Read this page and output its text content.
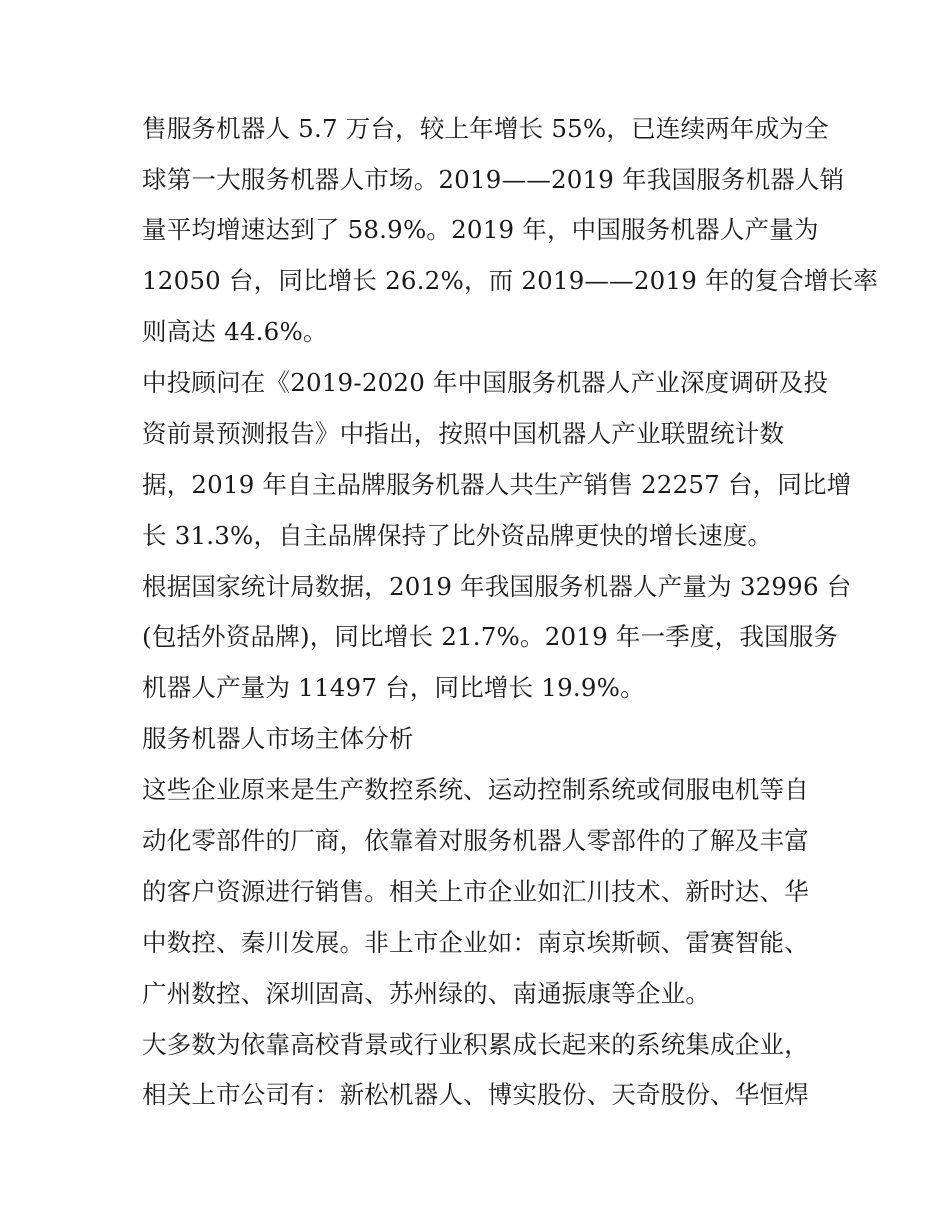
售服务机器人 5.7 万台，较上年增长 55%，已连续两年成为全
球第一大服务机器人市场。2019——2019 年我国服务机器人销
量平均增速达到了 58.9%。2019 年，中国服务机器人产量为
12050 台，同比增长 26.2%，而 2019——2019 年的复合增长率
则高达 44.6%。
中投顾问在《2019-2020 年中国服务机器人产业深度调研及投
资前景预测报告》中指出，按照中国机器人产业联盟统计数
据，2019 年自主品牌服务机器人共生产销售 22257 台，同比增
长 31.3%，自主品牌保持了比外资品牌更快的增长速度。
根据国家统计局数据，2019 年我国服务机器人产量为 32996 台
(包括外资品牌)，同比增长 21.7%。2019 年一季度，我国服务
机器人产量为 11497 台，同比增长 19.9%。
服务机器人市场主体分析
这些企业原来是生产数控系统、运动控制系统或伺服电机等自
动化零部件的厂商，依靠着对服务机器人零部件的了解及丰富
的客户资源进行销售。相关上市企业如汇川技术、新时达、华
中数控、秦川发展。非上市企业如：南京埃斯顿、雷赛智能、
广州数控、深圳固高、苏州绿的、南通振康等企业。
大多数为依靠高校背景或行业积累成长起来的系统集成企业，
相关上市公司有：新松机器人、博实股份、天奇股份、华恒焊
